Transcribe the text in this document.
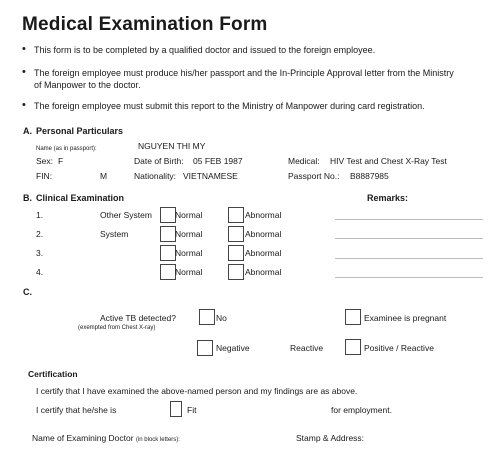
Medical Examination Form
• This form is to be completed by a qualified doctor and issued to the foreign employee.
• The foreign employee must produce his/her passport and the In-Principle Approval letter from the Ministry
of Manpower to the doctor.
• The foreign employee must submit this report to the Ministry of Manpower during card registration.
A. Personal Particulars
Name (as in passport):	NGUYEN THI MY
Sex: F	Date of Birth: 05 FEB 1987	Medical: HIV Test and Chest X-Ray Test
FIN:	M	Nationality: VIETNAMESE	Passport No.: B8887985
B. Clinical Examination	Remarks:
1.	Other System	Normal	Abnormal
2.	System	Normal	Abnormal
3.	Normal	Abnormal
4.	Normal	Abnormal
C.
Active TB detected?
(exempted from Chest X-ray)
No	Examinee is pregnant
Negative	Reactive	Positive / Reactive
Certification
I certify that I have examined the above-named person and my findings are as above.
I certify that he/she is	Fit	for employment.
Name of Examining Doctor (in block letters):	Stamp & Address:
